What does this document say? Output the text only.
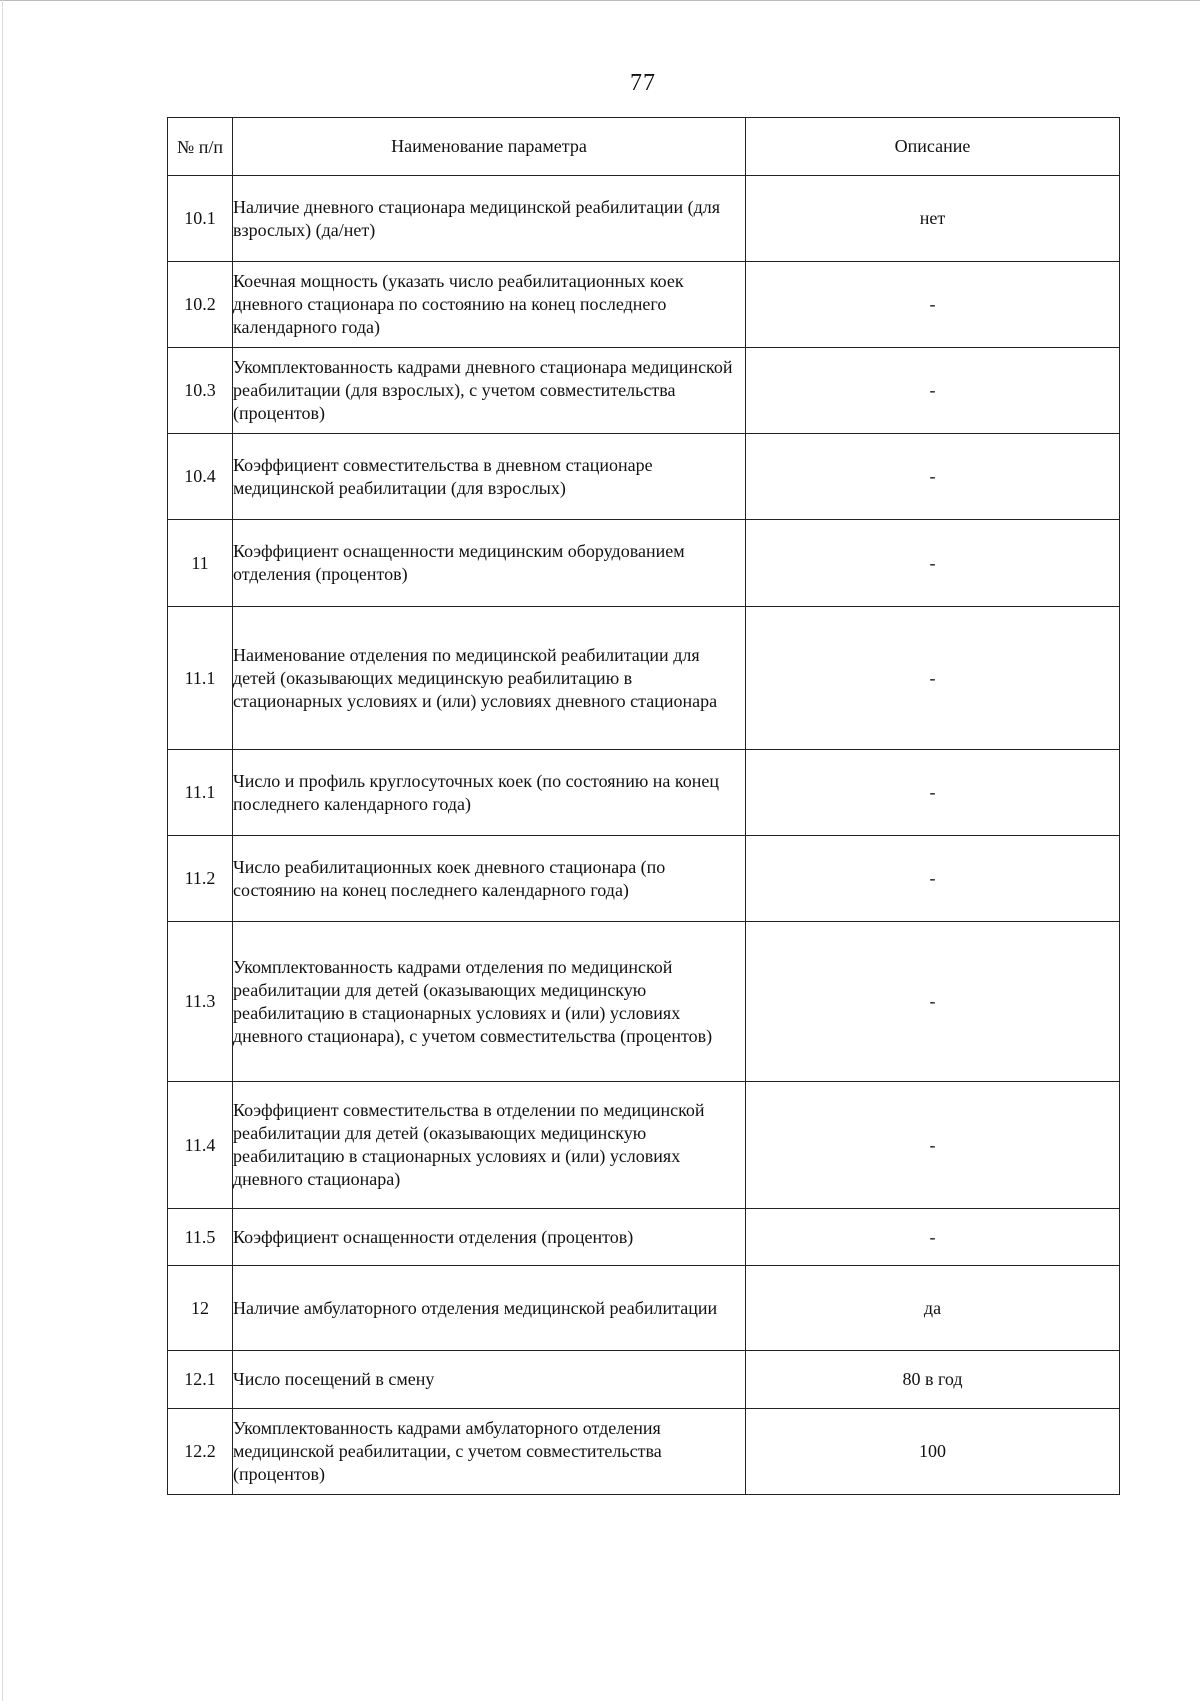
77
№ п/п	Наименование параметра	Описание
10.1	Наличие дневного стационара медицинской реабилитации (для взрослых) (да/нет)	нет
10.2	Коечная мощность (указать число реабилитационных коек дневного стационара по состоянию на конец последнего календарного года)	-
10.3	Укомплектованность кадрами дневного стационара медицинской реабилитации (для взрослых), с учетом совместительства (процентов)	-
10.4	Коэффициент совместительства в дневном стационаре медицинской реабилитации (для взрослых)	-
11	Коэффициент оснащенности медицинским оборудованием отделения (процентов)	-
11.1	Наименование отделения по медицинской реабилитации для детей (оказывающих медицинскую реабилитацию в стационарных условиях и (или) условиях дневного стационара	-
11.1	Число и профиль круглосуточных коек (по состоянию на конец последнего календарного года)	-
11.2	Число реабилитационных коек дневного стационара (по состоянию на конец последнего календарного года)	-
11.3	Укомплектованность кадрами отделения по медицинской реабилитации для детей (оказывающих медицинскую реабилитацию в стационарных условиях и (или) условиях дневного стационара), с учетом совместительства (процентов)	-
11.4	Коэффициент совместительства в отделении по медицинской реабилитации для детей (оказывающих медицинскую реабилитацию в стационарных условиях и (или) условиях дневного стационара)	-
11.5	Коэффициент оснащенности отделения (процентов)	-
12	Наличие амбулаторного отделения медицинской реабилитации	да
12.1	Число посещений в смену	80 в год
12.2	Укомплектованность кадрами амбулаторного отделения медицинской реабилитации, с учетом совместительства (процентов)	100
